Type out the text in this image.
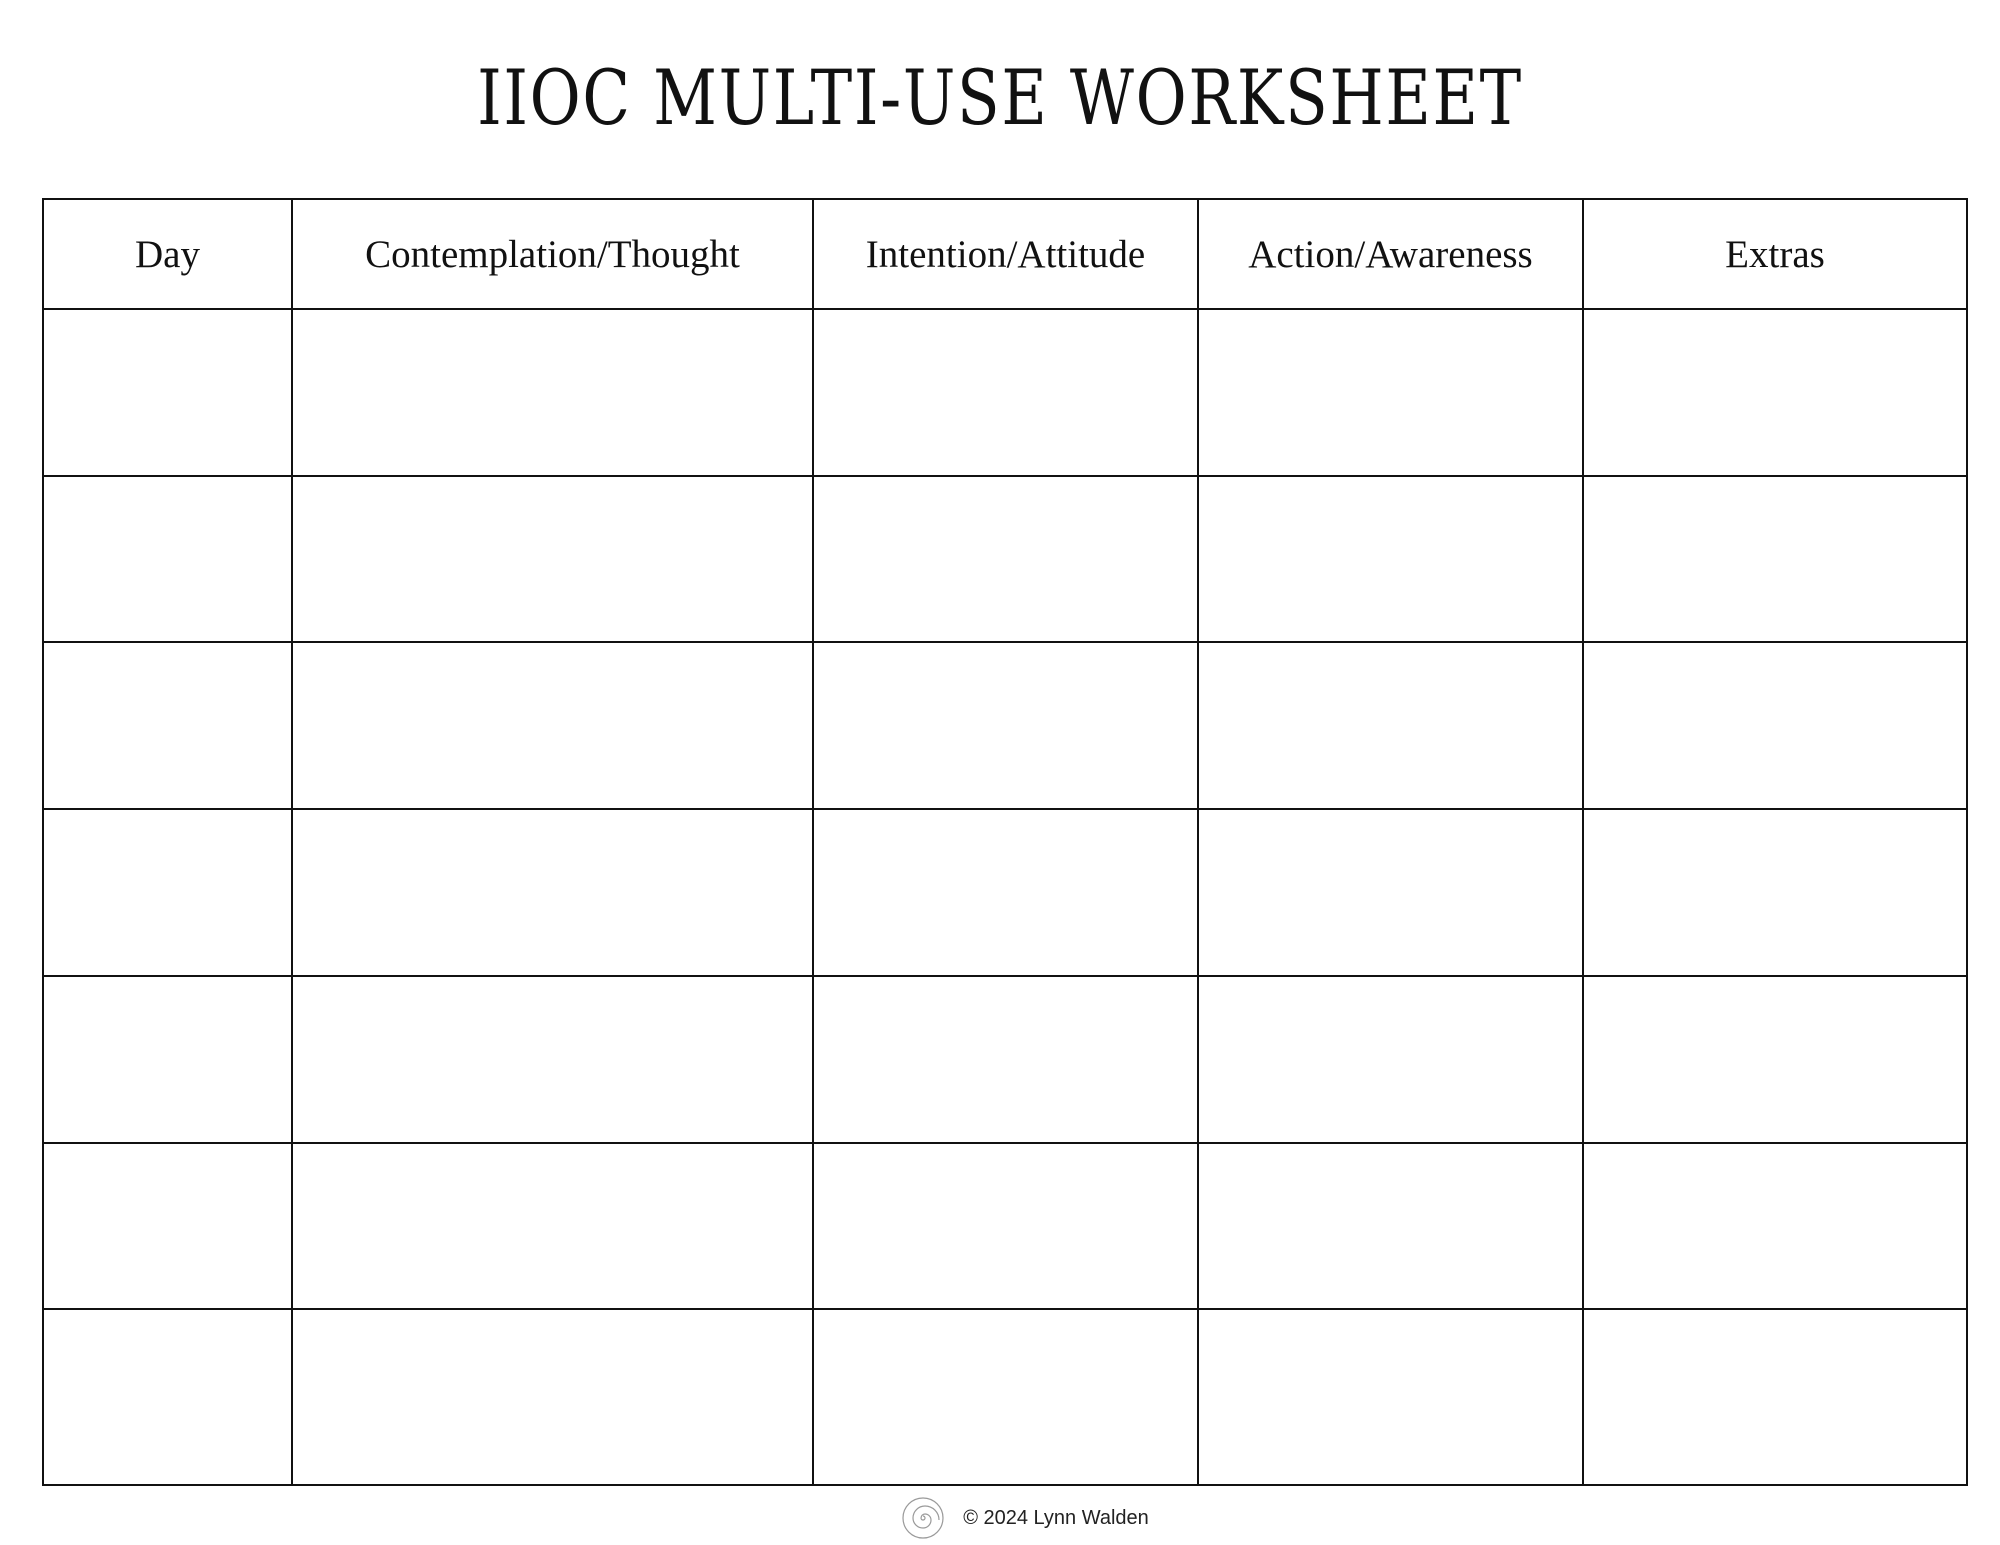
IIOC MULTI-USE WORKSHEET
Day	Contemplation/Thought	Intention/Attitude	Action/Awareness	Extras

© 2024 Lynn Walden
